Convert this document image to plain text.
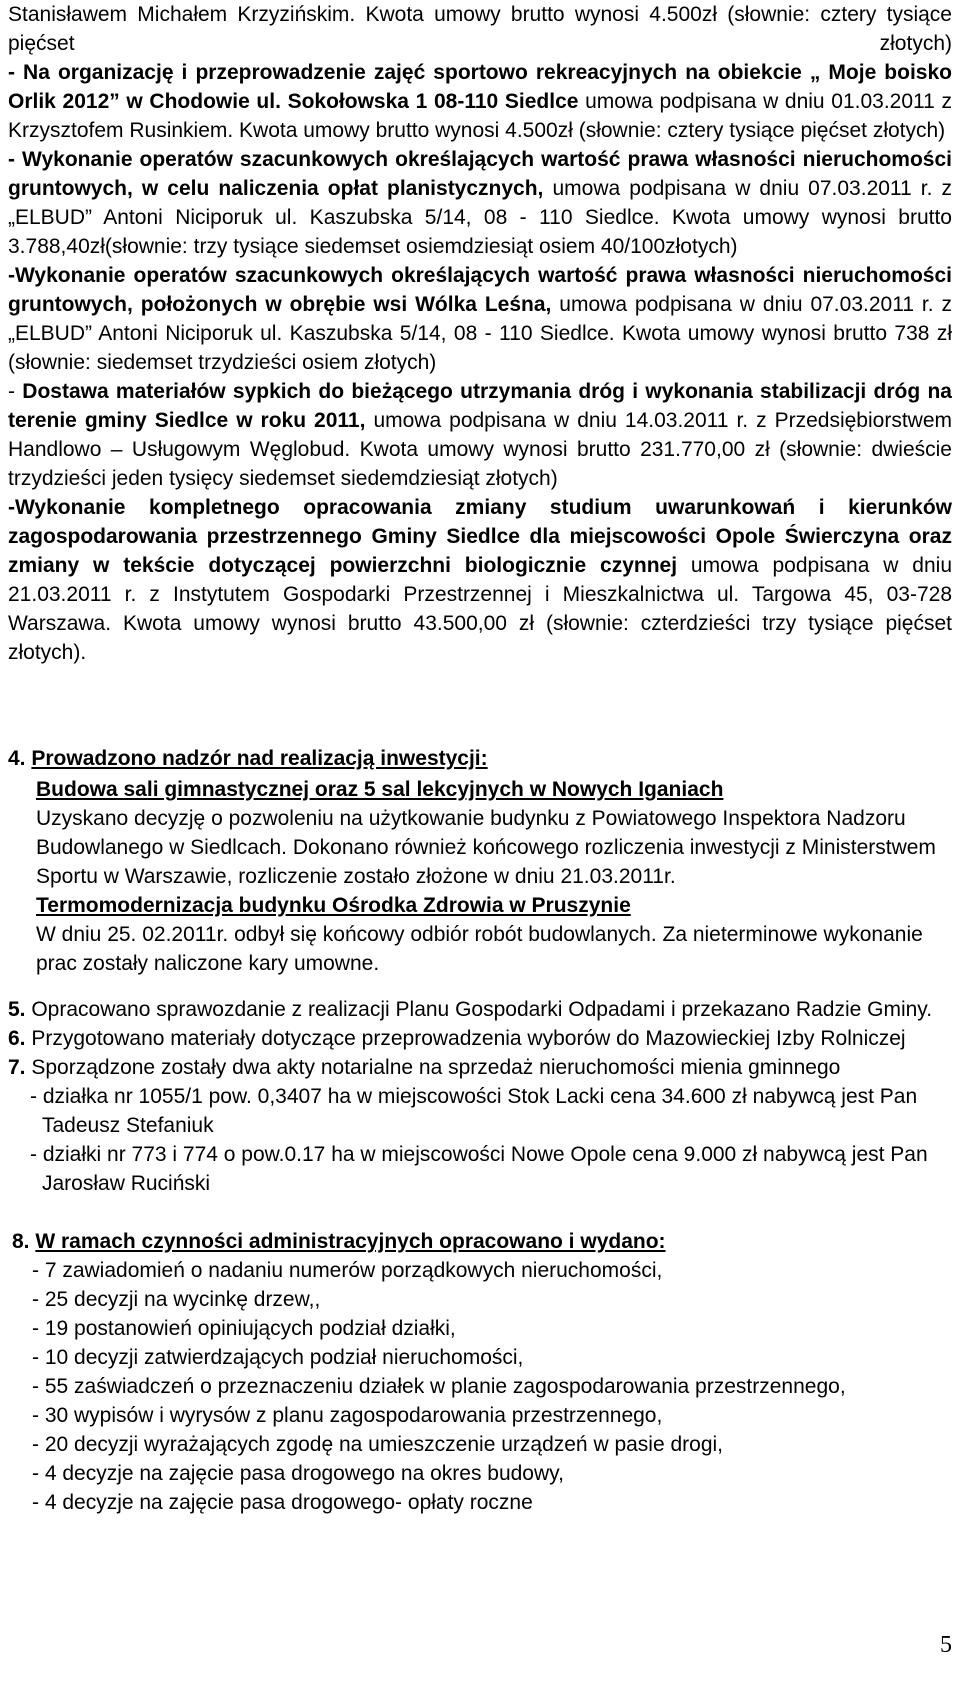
Stanisławem Michałem Krzyzińskim. Kwota umowy brutto wynosi 4.500zł (słownie: cztery tysiące
pięćset złotych)
- Na organizację i przeprowadzenie zajęć sportowo rekreacyjnych na obiekcie „ Moje boisko
Orlik 2012” w Chodowie ul. Sokołowska 1 08-110 Siedlce umowa podpisana w dniu 01.03.2011 z
Krzysztofem Rusinkiem. Kwota umowy brutto wynosi 4.500zł (słownie: cztery tysiące pięćset złotych)
- Wykonanie operatów szacunkowych określających wartość prawa własności nieruchomości
gruntowych, w celu naliczenia opłat planistycznych, umowa podpisana w dniu 07.03.2011 r. z
„ELBUD” Antoni Niciporuk ul. Kaszubska 5/14, 08 - 110 Siedlce. Kwota umowy wynosi brutto
3.788,40zł(słownie: trzy tysiące siedemset osiemdziesiąt osiem 40/100złotych)
-Wykonanie operatów szacunkowych określających wartość prawa własności nieruchomości
gruntowych, położonych w obrębie wsi Wólka Leśna, umowa podpisana w dniu 07.03.2011 r. z
„ELBUD” Antoni Niciporuk ul. Kaszubska 5/14, 08 - 110 Siedlce. Kwota umowy wynosi brutto 738 zł
(słownie: siedemset trzydzieści osiem złotych)
- Dostawa materiałów sypkich do bieżącego utrzymania dróg i wykonania stabilizacji dróg na
terenie gminy Siedlce w roku 2011, umowa podpisana w dniu 14.03.2011 r. z Przedsiębiorstwem
Handlowo – Usługowym Węglobud. Kwota umowy wynosi brutto 231.770,00 zł (słownie: dwieście
trzydzieści jeden tysięcy siedemset siedemdziesiąt złotych)
-Wykonanie kompletnego opracowania zmiany studium uwarunkowań i kierunków
zagospodarowania przestrzennego Gminy Siedlce dla miejscowości Opole Świerczyna oraz
zmiany w tekście dotyczącej powierzchni biologicznie czynnej umowa podpisana w dniu
21.03.2011 r. z Instytutem Gospodarki Przestrzennej i Mieszkalnictwa ul. Targowa 45, 03-728
Warszawa. Kwota umowy wynosi brutto 43.500,00 zł (słownie: czterdzieści trzy tysiące pięćset
złotych).
4. Prowadzono nadzór nad realizacją inwestycji:
Budowa sali gimnastycznej oraz 5 sal lekcyjnych w Nowych Iganiach
Uzyskano decyzję o pozwoleniu na użytkowanie budynku z Powiatowego Inspektora Nadzoru
Budowlanego w Siedlcach. Dokonano również końcowego rozliczenia inwestycji z Ministerstwem
Sportu w Warszawie, rozliczenie zostało złożone w dniu 21.03.2011r.
Termomodernizacja budynku Ośrodka Zdrowia w Pruszynie
W dniu 25. 02.2011r. odbył się końcowy odbiór robót budowlanych. Za nieterminowe wykonanie
prac zostały naliczone kary umowne.
5. Opracowano sprawozdanie z realizacji Planu Gospodarki Odpadami i przekazano Radzie Gminy.
6. Przygotowano materiały dotyczące przeprowadzenia wyborów do Mazowieckiej Izby Rolniczej
7. Sporządzone zostały dwa akty notarialne na sprzedaż nieruchomości mienia gminnego
- działka nr 1055/1 pow. 0,3407 ha w miejscowości Stok Lacki cena 34.600 zł nabywcą jest Pan
Tadeusz Stefaniuk
- działki nr 773 i 774 o pow.0.17 ha w miejscowości Nowe Opole cena 9.000 zł nabywcą jest Pan
Jarosław Ruciński
8. W ramach czynności administracyjnych opracowano i wydano:
- 7 zawiadomień o nadaniu numerów porządkowych nieruchomości,
- 25 decyzji na wycinkę drzew,,
- 19 postanowień opiniujących podział działki,
- 10 decyzji zatwierdzających podział nieruchomości,
- 55 zaświadczeń o przeznaczeniu działek w planie zagospodarowania przestrzennego,
- 30 wypisów i wyrysów z planu zagospodarowania przestrzennego,
- 20 decyzji wyrażających zgodę na umieszczenie urządzeń w pasie drogi,
- 4 decyzje na zajęcie pasa drogowego na okres budowy,
- 4 decyzje na zajęcie pasa drogowego- opłaty roczne
5
